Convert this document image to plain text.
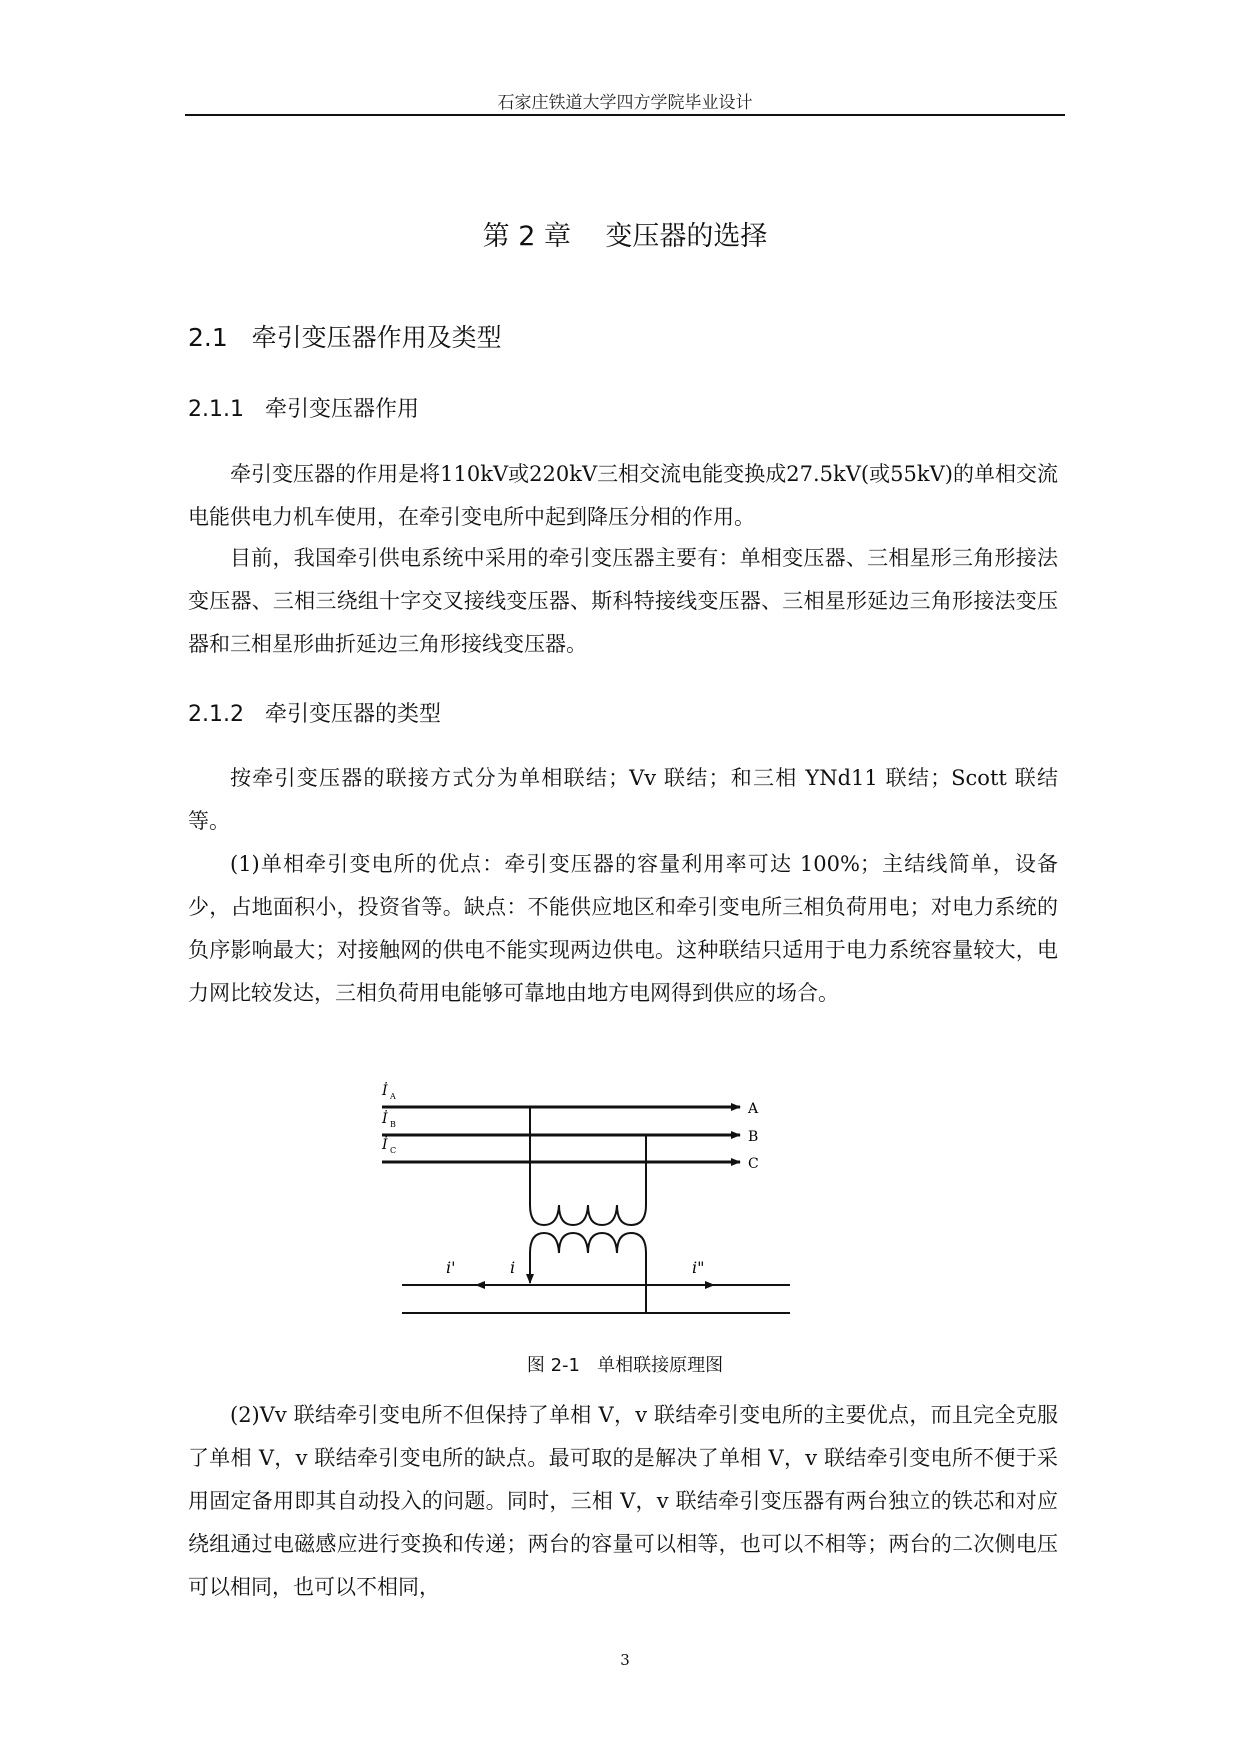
石家庄铁道大学四方学院毕业设计
第 2 章    变压器的选择
2.1   牵引变压器作用及类型
2.1.1   牵引变压器作用

牵引变压器的作用是将110kV或220kV三相交流电能变换成27.5kV(或55kV)的单相交流电能供电力机车使用，在牵引变电所中起到降压分相的作用。

目前，我国牵引供电系统中采用的牵引变压器主要有：单相变压器、三相星形三角形接法变压器、三相三绕组十字交叉接线变压器、斯科特接线变压器、三相星形延边三角形接法变压器和三相星形曲折延边三角形接线变压器。

2.1.2   牵引变压器的类型

按牵引变压器的联接方式分为单相联结；Vv 联结；和三相 YNd11 联结；Scott 联结等。

(1)单相牵引变电所的优点：牵引变压器的容量利用率可达 100%；主结线简单，设备少，占地面积小，投资省等。缺点：不能供应地区和牵引变电所三相负荷用电；对电力系统的负序影响最大；对接触网的供电不能实现两边供电。这种联结只适用于电力系统容量较大，电力网比较发达，三相负荷用电能够可靠地由地方电网得到供应的场合。

İ A
İ B
İ C
A
B
C
i'	i	i"
图 2-1   单相联接原理图

(2)Vv 联结牵引变电所不但保持了单相 V，v 联结牵引变电所的主要优点，而且完全克服了单相 V，v 联结牵引变电所的缺点。最可取的是解决了单相 V，v 联结牵引变电所不便于采用固定备用即其自动投入的问题。同时，三相 V，v 联结牵引变压器有两台独立的铁芯和对应绕组通过电磁感应进行变换和传递；两台的容量可以相等，也可以不相等；两台的二次侧电压可以相同，也可以不相同，

3
